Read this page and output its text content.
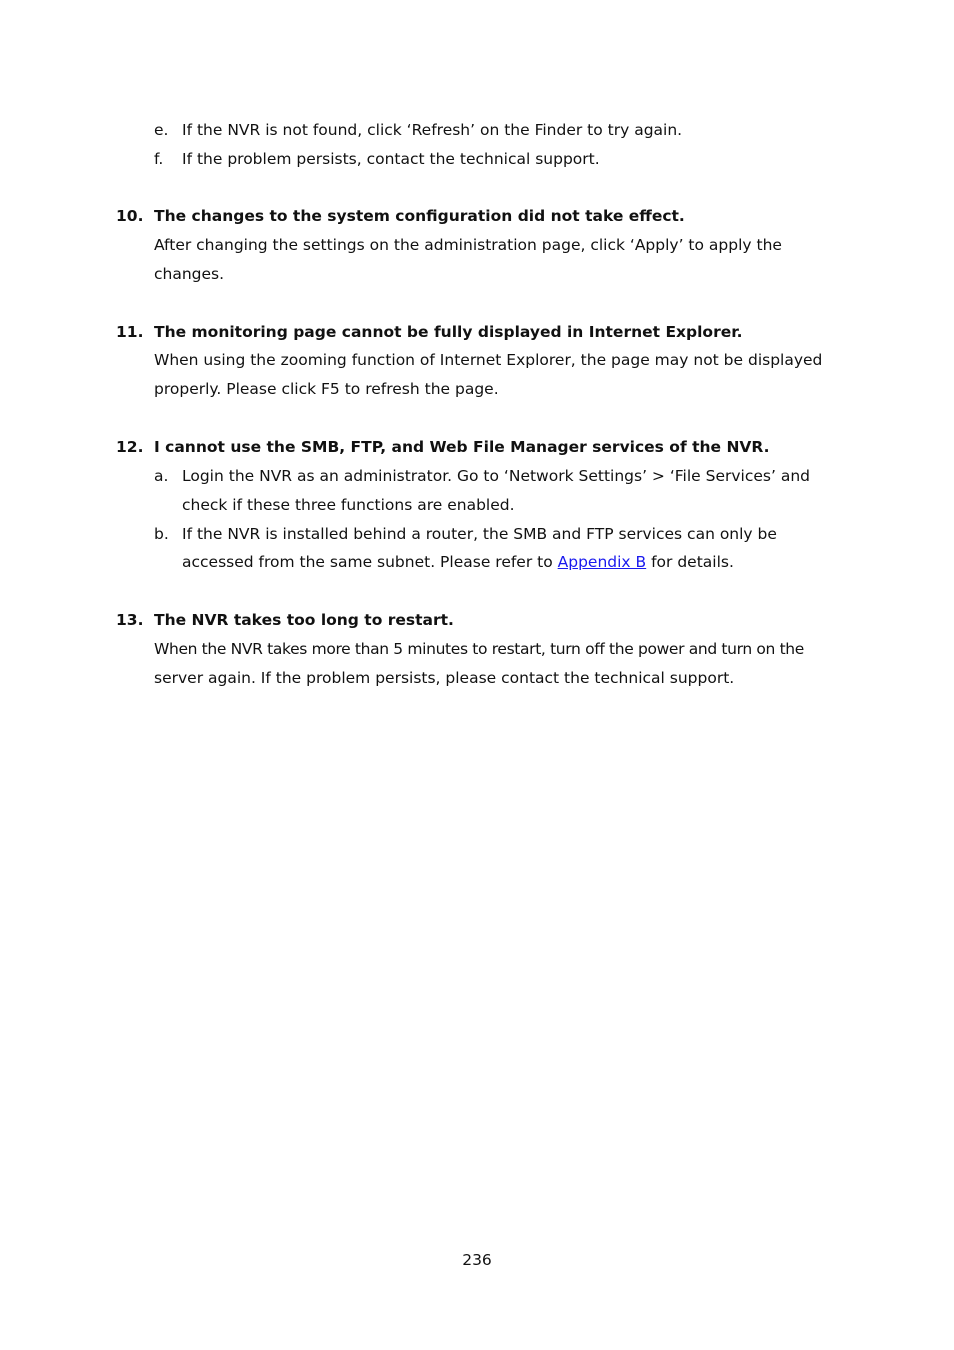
e. If the NVR is not found, click ‘Refresh’ on the Finder to try again.
f. If the problem persists, contact the technical support.
10. The changes to the system configuration did not take effect.
After changing the settings on the administration page, click ‘Apply’ to apply the
changes.
11. The monitoring page cannot be fully displayed in Internet Explorer.
When using the zooming function of Internet Explorer, the page may not be displayed
properly. Please click F5 to refresh the page.
12. I cannot use the SMB, FTP, and Web File Manager services of the NVR.
a. Login the NVR as an administrator. Go to ‘Network Settings’ > ‘File Services’ and
check if these three functions are enabled.
b. If the NVR is installed behind a router, the SMB and FTP services can only be
accessed from the same subnet. Please refer to Appendix B for details.
13. The NVR takes too long to restart.
When the NVR takes more than 5 minutes to restart, turn off the power and turn on the
server again. If the problem persists, please contact the technical support.
236
